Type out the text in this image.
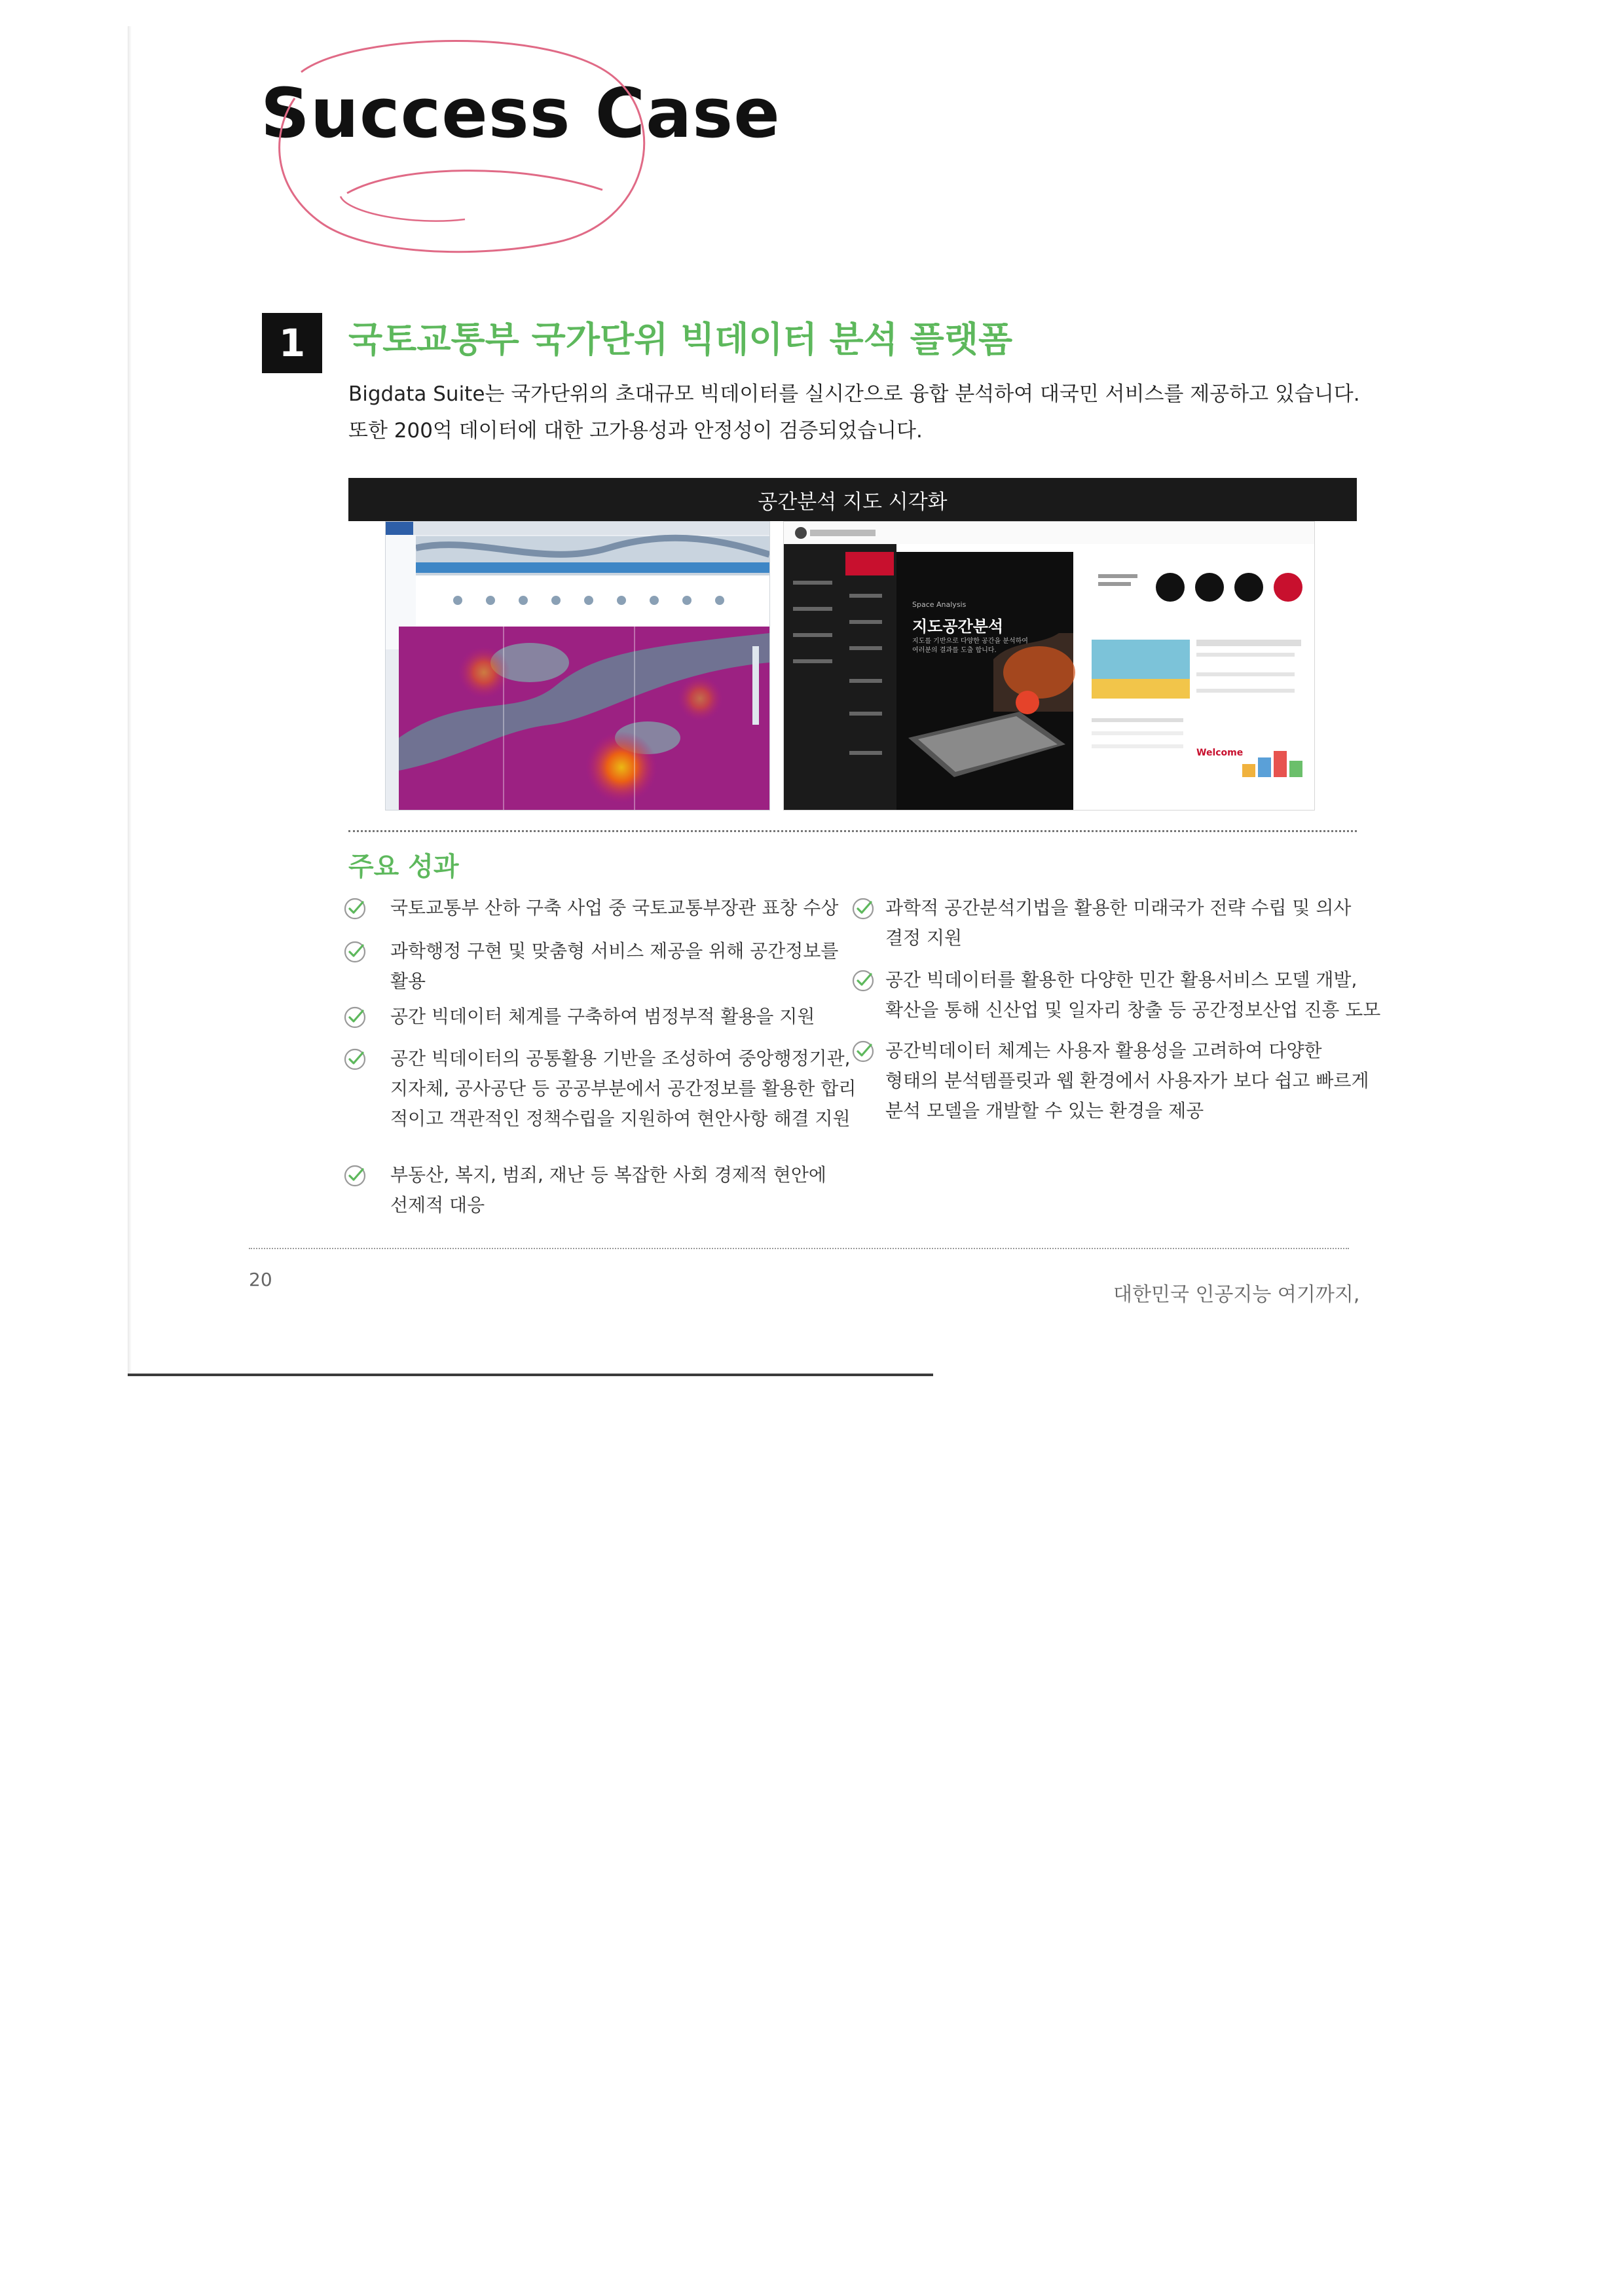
Success Case
1	국토교통부 국가단위 빅데이터 분석 플랫폼
Bigdata Suite는 국가단위의 초대규모 빅데이터를 실시간으로 융합 분석하여 대국민 서비스를 제공하고 있습니다.
또한 200억 데이터에 대한 고가용성과 안정성이 검증되었습니다.
공간분석 지도 시각화
Space Analysis
지도공간분석
지도를 기반으로 다양한 공간을 분석하여 여러분의 결과를 도출 합니다.
Welcome
주요 성과
국토교통부 산하 구축 사업 중 국토교통부장관 표창 수상
과학행정 구현 및 맞춤형 서비스 제공을 위해 공간정보를
활용
공간 빅데이터 체계를 구축하여 범정부적 활용을 지원
공간 빅데이터의 공통활용 기반을 조성하여 중앙행정기관,
지자체, 공사공단 등 공공부분에서 공간정보를 활용한 합리
적이고 객관적인 정책수립을 지원하여 현안사항 해결 지원
부동산, 복지, 범죄, 재난 등 복잡한 사회 경제적 현안에
선제적 대응
과학적 공간분석기법을 활용한 미래국가 전략 수립 및 의사
결정 지원
공간 빅데이터를 활용한 다양한 민간 활용서비스 모델 개발,
확산을 통해 신산업 및 일자리 창출 등 공간정보산업 진흥 도모
공간빅데이터 체계는 사용자 활용성을 고려하여 다양한
형태의 분석템플릿과 웹 환경에서 사용자가 보다 쉽고 빠르게
분석 모델을 개발할 수 있는 환경을 제공
20
대한민국 인공지능 여기까지,
